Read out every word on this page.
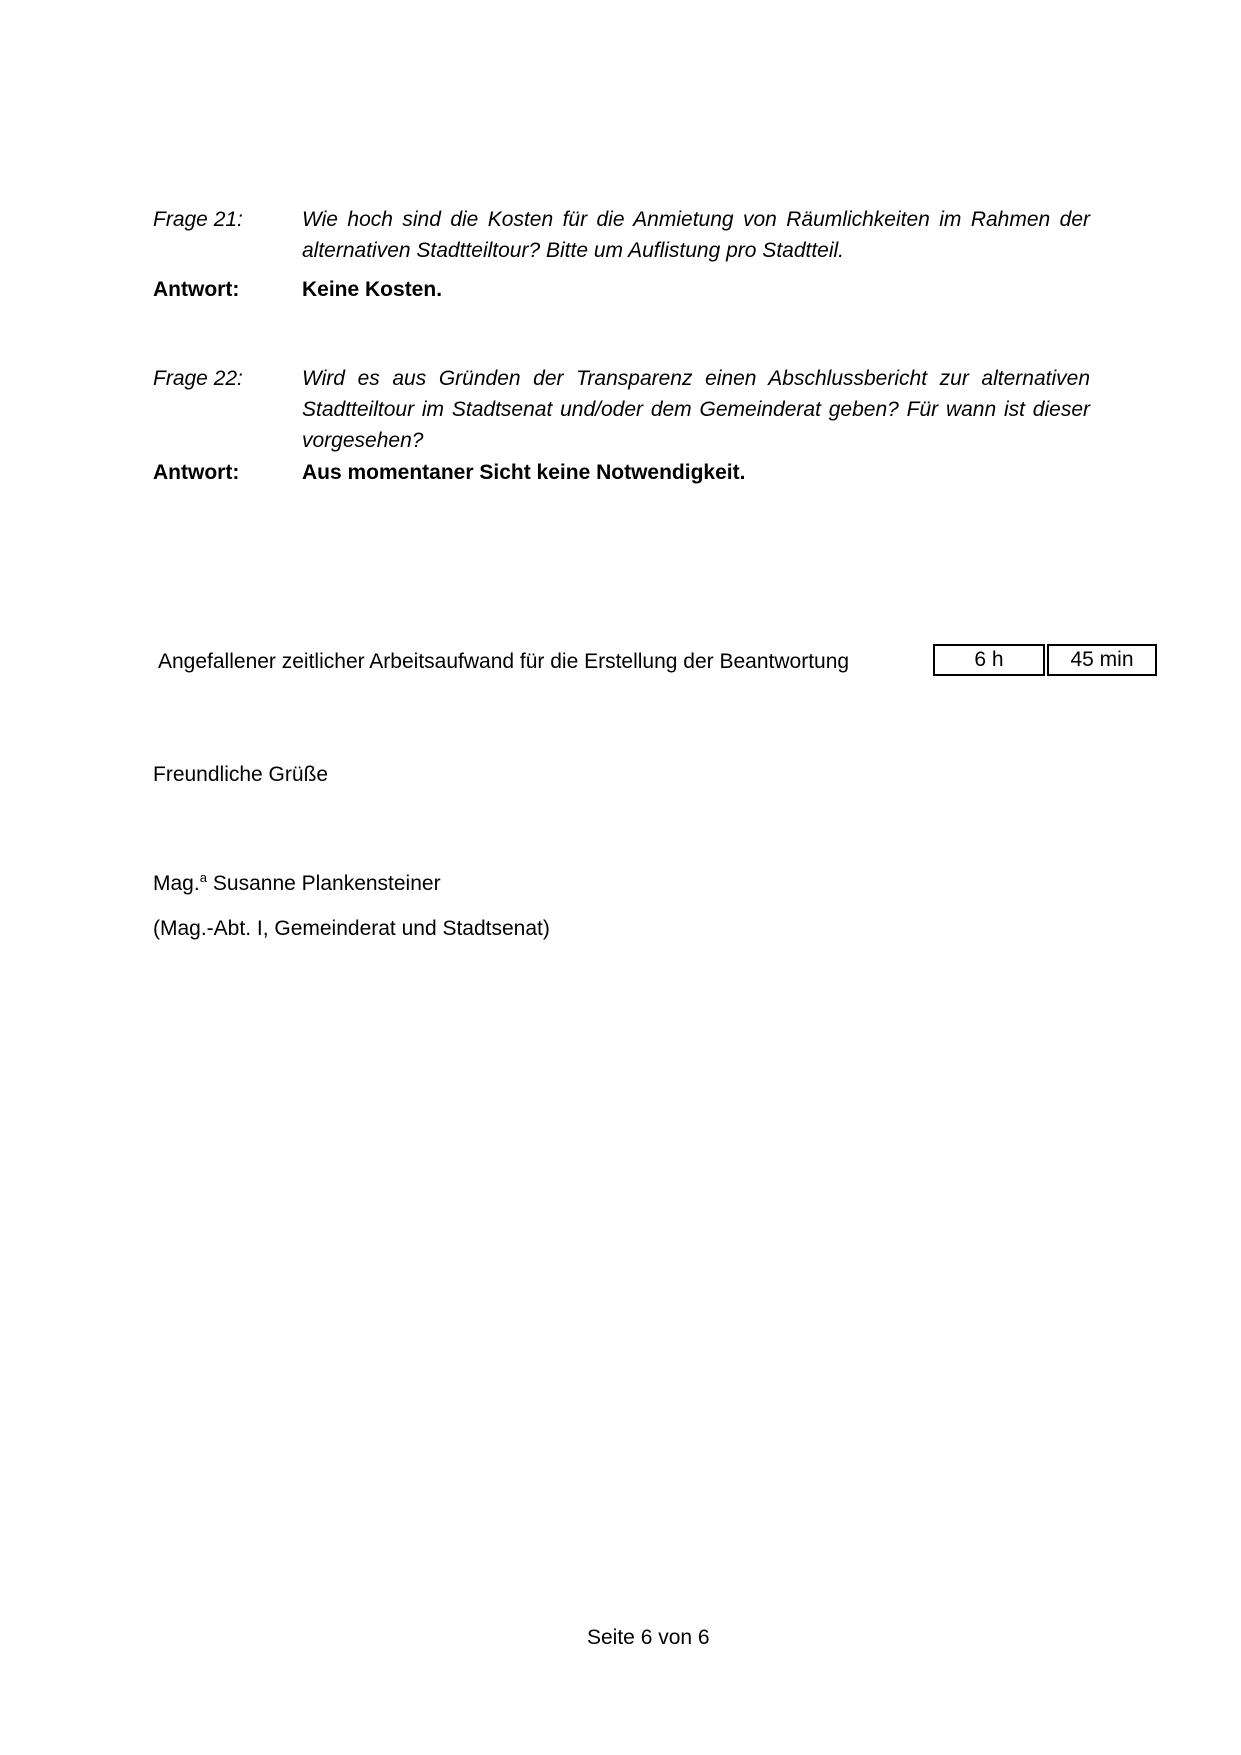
Frage 21:	Wie hoch sind die Kosten für die Anmietung von Räumlichkeiten im Rahmen der
alternativen Stadtteiltour? Bitte um Auflistung pro Stadtteil.
Antwort:	Keine Kosten.
Frage 22:	Wird es aus Gründen der Transparenz einen Abschlussbericht zur alternativen
Stadtteiltour im Stadtsenat und/oder dem Gemeinderat geben? Für wann ist dieser
vorgesehen?
Antwort:	Aus momentaner Sicht keine Notwendigkeit.
Angefallener zeitlicher Arbeitsaufwand für die Erstellung der Beantwortung	6 h	45 min
Freundliche Grüße
Mag.$^a$ Susanne Plankensteiner
(Mag.-Abt. I, Gemeinderat und Stadtsenat)
Seite 6 von 6
